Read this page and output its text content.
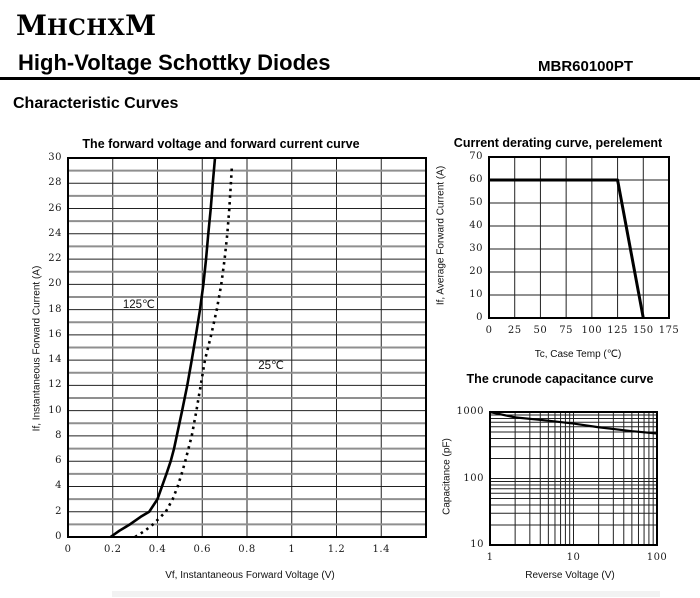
MHCHXM
High-Voltage Schottky Diodes	MBR60100PT
Characteristic Curves
The forward voltage and forward current curve
If, Instantaneous Forward Current (A)
Vf, Instantaneous Forward Voltage (V)
Current derating curve, perelement
If, Average Forward Current (A)
Tc, Case Temp (℃)
The crunode capacitance curve
Capacitance (pF)
Reverse Voltage (V)
0	0.2	0.4	0.6	0.8	1	1.2	1.4
0
2
4
6
8
10
12
14
16
18
20
22
24
26
28
30
125℃
25℃
0 25 50 75 100 125 150 175
0
10
20
30
40
50
60
70
1	10	100
10
100
1000
